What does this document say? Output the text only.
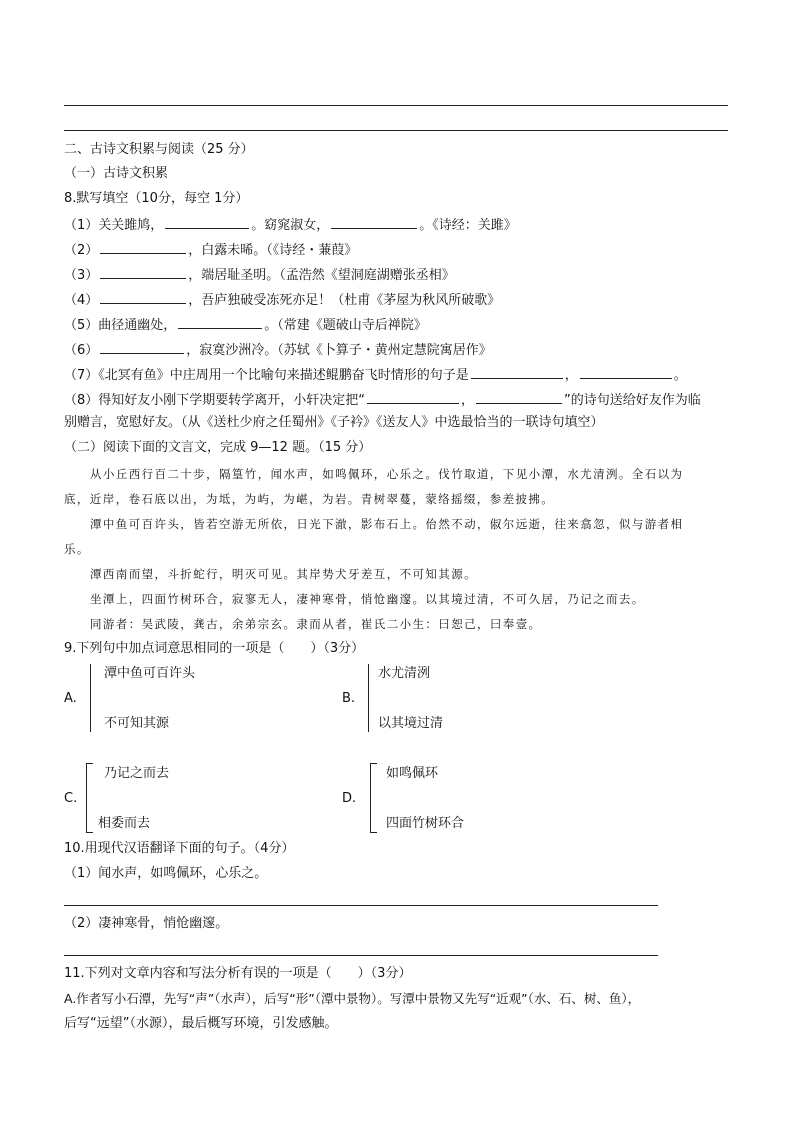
二、古诗文积累与阅读（25 分）
（一）古诗文积累
8.默写填空（10分，每空 1分）
（1）关关雎鸠，	。窈窕淑女，	。《诗经：关雎》
（2）	，白露未晞。（《诗经・蒹葭》
（3）	，端居耻圣明。（孟浩然《望洞庭湖赠张丞相》
（4）	，吾庐独破受冻死亦足！（杜甫《茅屋为秋风所破歌》
（5）曲径通幽处，	。（常建《题破山寺后禅院》
（6）	，寂寞沙洲冷。（苏轼《卜算子・黄州定慧院寓居作》
（7）《北冥有鱼》中庄周用一个比喻句来描述鲲鹏奋飞时情形的句子是	，	。
（8）得知好友小刚下学期要转学离开，小轩决定把“	，	”的诗句送给好友作为临
别赠言，宽慰好友。（从《送杜少府之任蜀州》《子衿》《送友人》中选最恰当的一联诗句填空）
（二）阅读下面的文言文，完成 9—12 题。（15 分）
从小丘西行百二十步，隔篁竹，闻水声，如鸣佩环，心乐之。伐竹取道，下见小潭，水尤清洌。全石以为
底，近岸，卷石底以出，为坻，为屿，为嵁，为岩。青树翠蔓，蒙络摇缀，参差披拂。
潭中鱼可百许头，皆若空游无所依，日光下澈，影布石上。佁然不动，俶尔远逝，往来翕忽，似与游者相
乐。
潭西南而望，斗折蛇行，明灭可见。其岸势犬牙差互，不可知其源。
坐潭上，四面竹树环合，寂寥无人，凄神寒骨，悄怆幽邃。以其境过清，不可久居，乃记之而去。
同游者：吴武陵，龚古，余弟宗玄。隶而从者，崔氏二小生：曰恕己，曰奉壹。
9.下列句中加点词意思相同的一项是（　　）（3分）
A.
潭中鱼可百许头
不可知其源
B.
水尤清洌
以其境过清
C.
乃记之而去
相委而去
D.
如鸣佩环
四面竹树环合
10.用现代汉语翻译下面的句子。（4分）
（1）闻水声，如鸣佩环，心乐之。
（2）凄神寒骨，悄怆幽邃。
11.下列对文章内容和写法分析有误的一项是（　　）（3分）
A.作者写小石潭，先写“声”（水声），后写“形”（潭中景物）。写潭中景物又先写“近观”（水、石、树、鱼），
后写“远望”（水源），最后概写环境，引发感触。
